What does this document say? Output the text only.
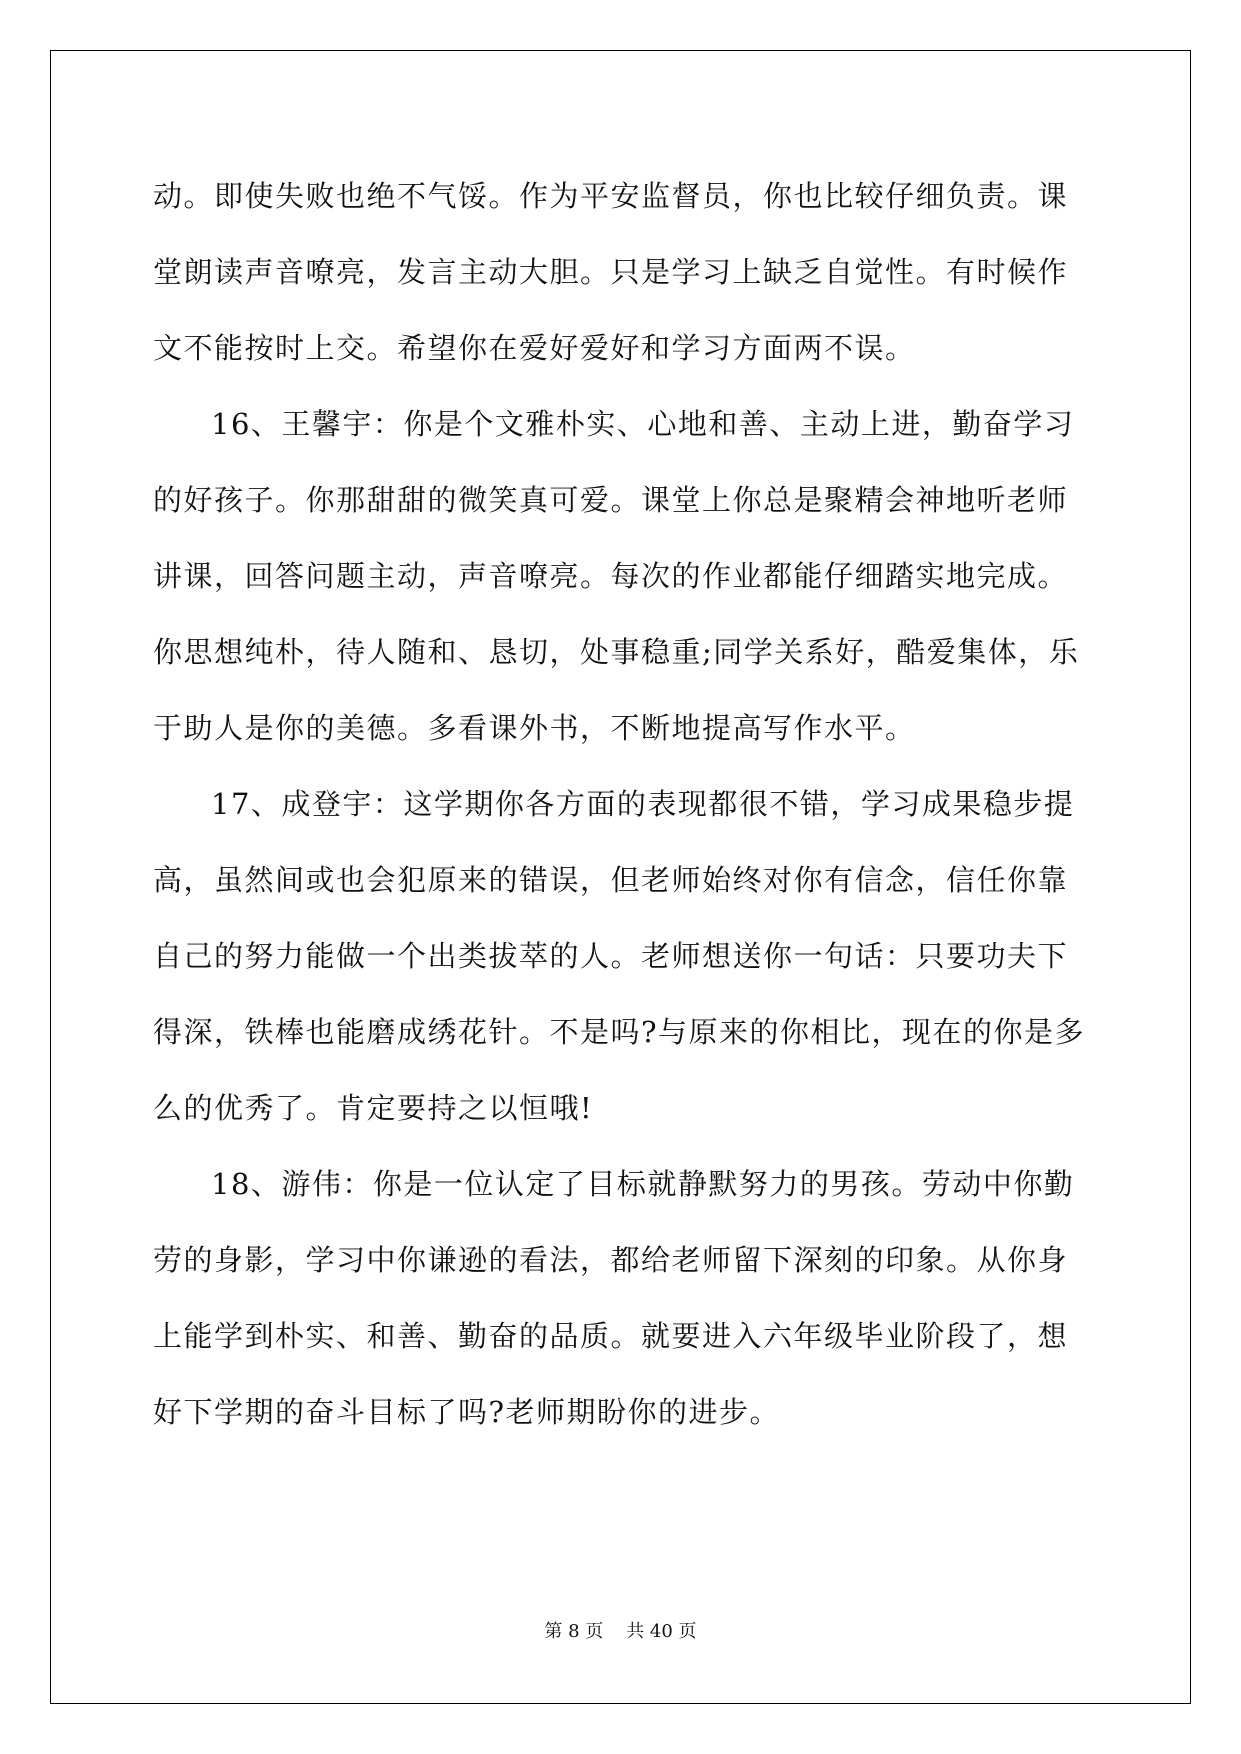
动。即使失败也绝不气馁。作为平安监督员，你也比较仔细负责。课
堂朗读声音嘹亮，发言主动大胆。只是学习上缺乏自觉性。有时候作
文不能按时上交。希望你在爱好爱好和学习方面两不误。
16、王馨宇：你是个文雅朴实、心地和善、主动上进，勤奋学习
的好孩子。你那甜甜的微笑真可爱。课堂上你总是聚精会神地听老师
讲课，回答问题主动，声音嘹亮。每次的作业都能仔细踏实地完成。
你思想纯朴，待人随和、恳切，处事稳重;同学关系好，酷爱集体，乐
于助人是你的美德。多看课外书，不断地提高写作水平。
17、成登宇：这学期你各方面的表现都很不错，学习成果稳步提
高，虽然间或也会犯原来的错误，但老师始终对你有信念，信任你靠
自己的努力能做一个出类拔萃的人。老师想送你一句话：只要功夫下
得深，铁棒也能磨成绣花针。不是吗?与原来的你相比，现在的你是多
么的优秀了。肯定要持之以恒哦!
18、游伟：你是一位认定了目标就静默努力的男孩。劳动中你勤
劳的身影，学习中你谦逊的看法，都给老师留下深刻的印象。从你身
上能学到朴实、和善、勤奋的品质。就要进入六年级毕业阶段了，想
好下学期的奋斗目标了吗?老师期盼你的进步。
第 8 页    共 40 页
